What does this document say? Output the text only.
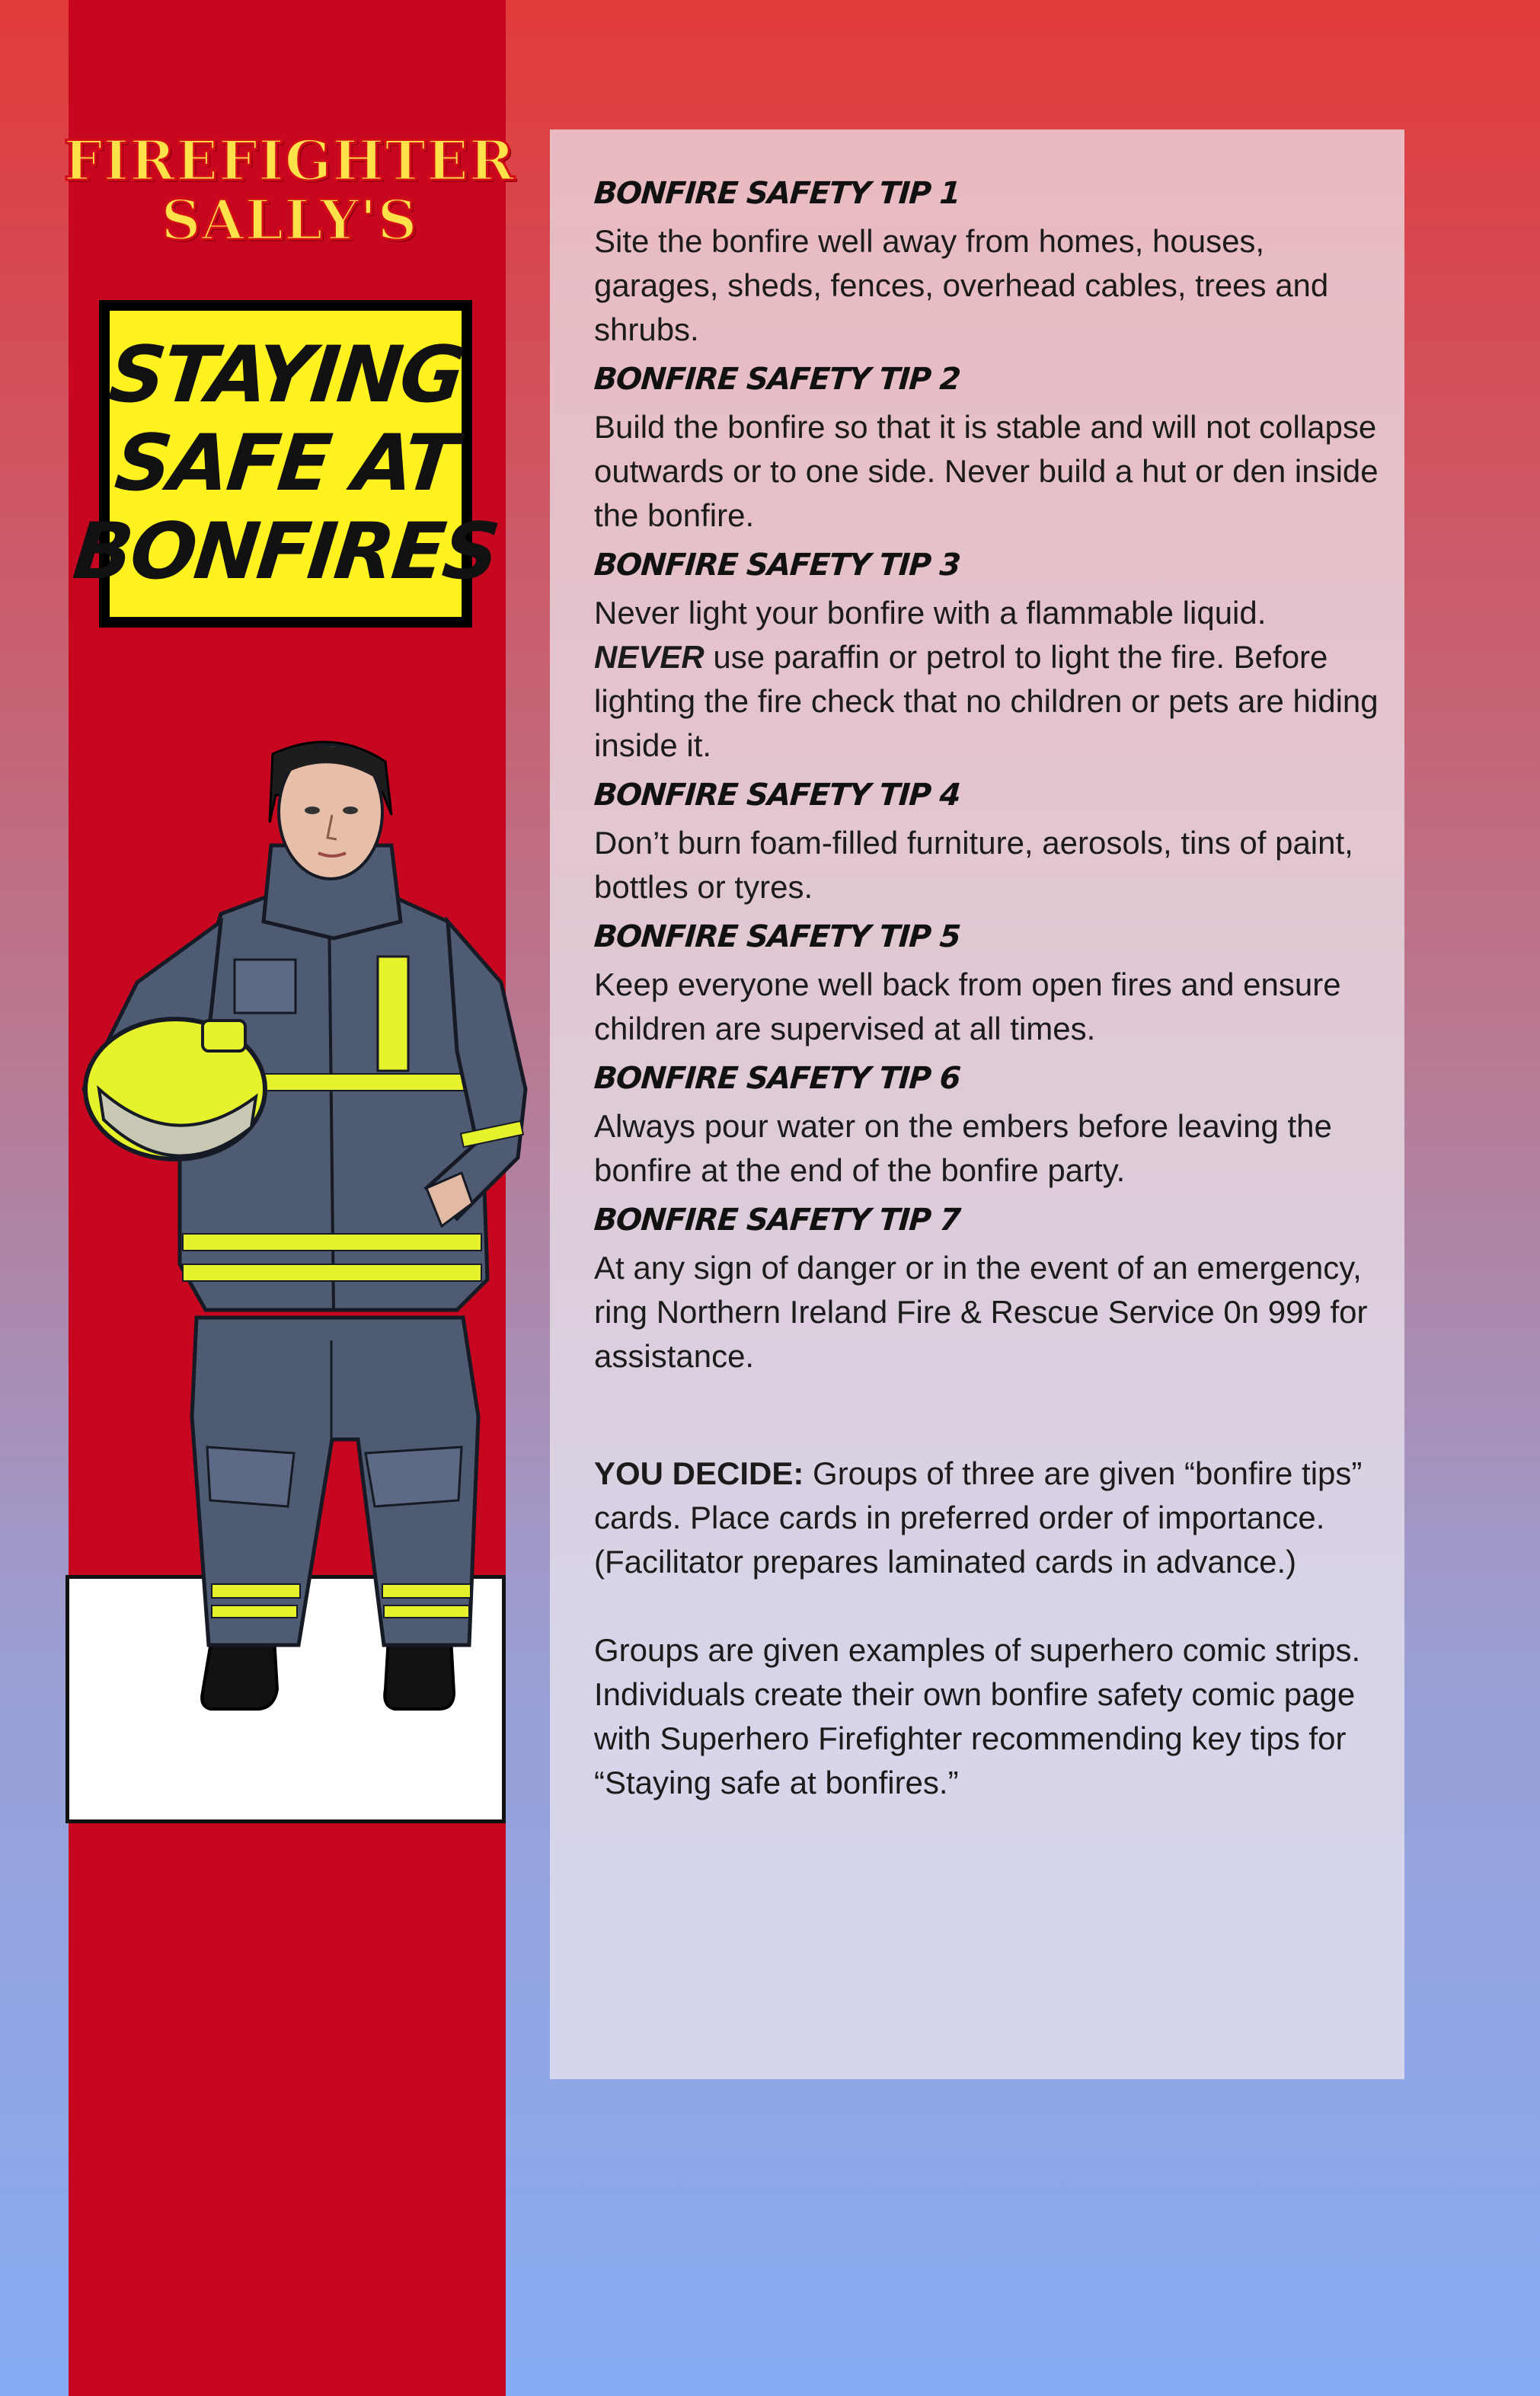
FIREFIGHTER
SALLY'S
STAYING
SAFE AT
BONFIRES
BONFIRE SAFETY TIP 1
Site the bonfire well away from homes, houses, garages, sheds, fences, overhead cables, trees and shrubs.
BONFIRE SAFETY TIP 2
Build the bonfire so that it is stable and will not collapse outwards or to one side. Never build a hut or den inside the bonfire.
BONFIRE SAFETY TIP 3
Never light your bonfire with a flammable liquid.
NEVER use paraffin or petrol to light the fire. Before lighting the fire check that no children or pets are hiding inside it.
BONFIRE SAFETY TIP 4
Don’t burn foam-filled furniture, aerosols, tins of paint, bottles or tyres.
BONFIRE SAFETY TIP 5
Keep everyone well back from open fires and ensure children are supervised at all times.
BONFIRE SAFETY TIP 6
Always pour water on the embers before leaving the bonfire at the end of the bonfire party.
BONFIRE SAFETY TIP 7
At any sign of danger or in the event of an emergency, ring Northern Ireland Fire & Rescue Service 0n 999 for assistance.
YOU DECIDE: Groups of three are given “bonfire tips” cards. Place cards in preferred order of importance. (Facilitator prepares laminated cards in advance.)
Groups are given examples of superhero comic strips. Individuals create their own bonfire safety comic page with Superhero Firefighter recommending key tips for “Staying safe at bonfires.”
